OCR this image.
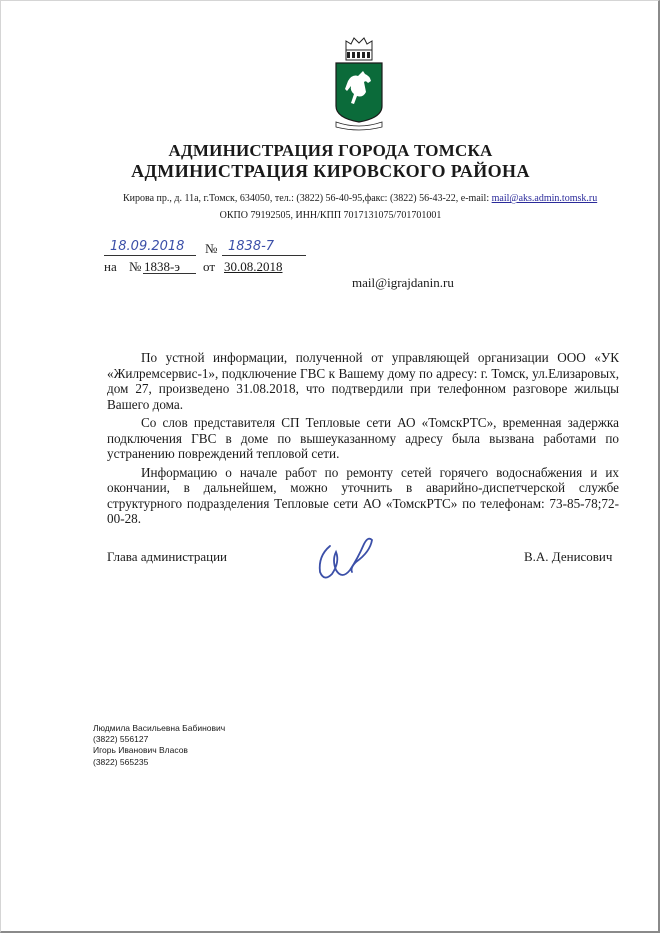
АДМИНИСТРАЦИЯ ГОРОДА ТОМСКА
АДМИНИСТРАЦИЯ КИРОВСКОГО РАЙОНА
Кирова пр., д. 11а, г.Томск, 634050, тел.: (3822) 56-40-95,факс: (3822) 56-43-22, e-mail: mail@aks.admin.tomsk.ru
ОКПО 79192505, ИНН/КПП 7017131075/701701001
18.09.2018 № 1838-7
на № 1838-э от 30.08.2018
mail@igrajdanin.ru

По устной информации, полученной от управляющей организации ООО «УК «Жилремсервис-1», подключение ГВС к Вашему дому по адресу: г. Томск, ул.Елизаровых, дом 27, произведено 31.08.2018, что подтвердили при телефонном разговоре жильцы Вашего дома.

Со слов представителя СП Тепловые сети АО «ТомскРТС», временная задержка подключения ГВС в доме по вышеуказанному адресу была вызвана работами по устранению повреждений тепловой сети.

Информацию о начале работ по ремонту сетей горячего водоснабжения и их окончании, в дальнейшем, можно уточнить в аварийно-диспетчерской службе структурного подразделения Тепловые сети АО «ТомскРТС» по телефонам: 73-85-78;72-00-28.

Глава администрации	В.А. Денисович
Людмила Васильевна Бабинович
(3822) 556127
Игорь Иванович Власов
(3822) 565235
